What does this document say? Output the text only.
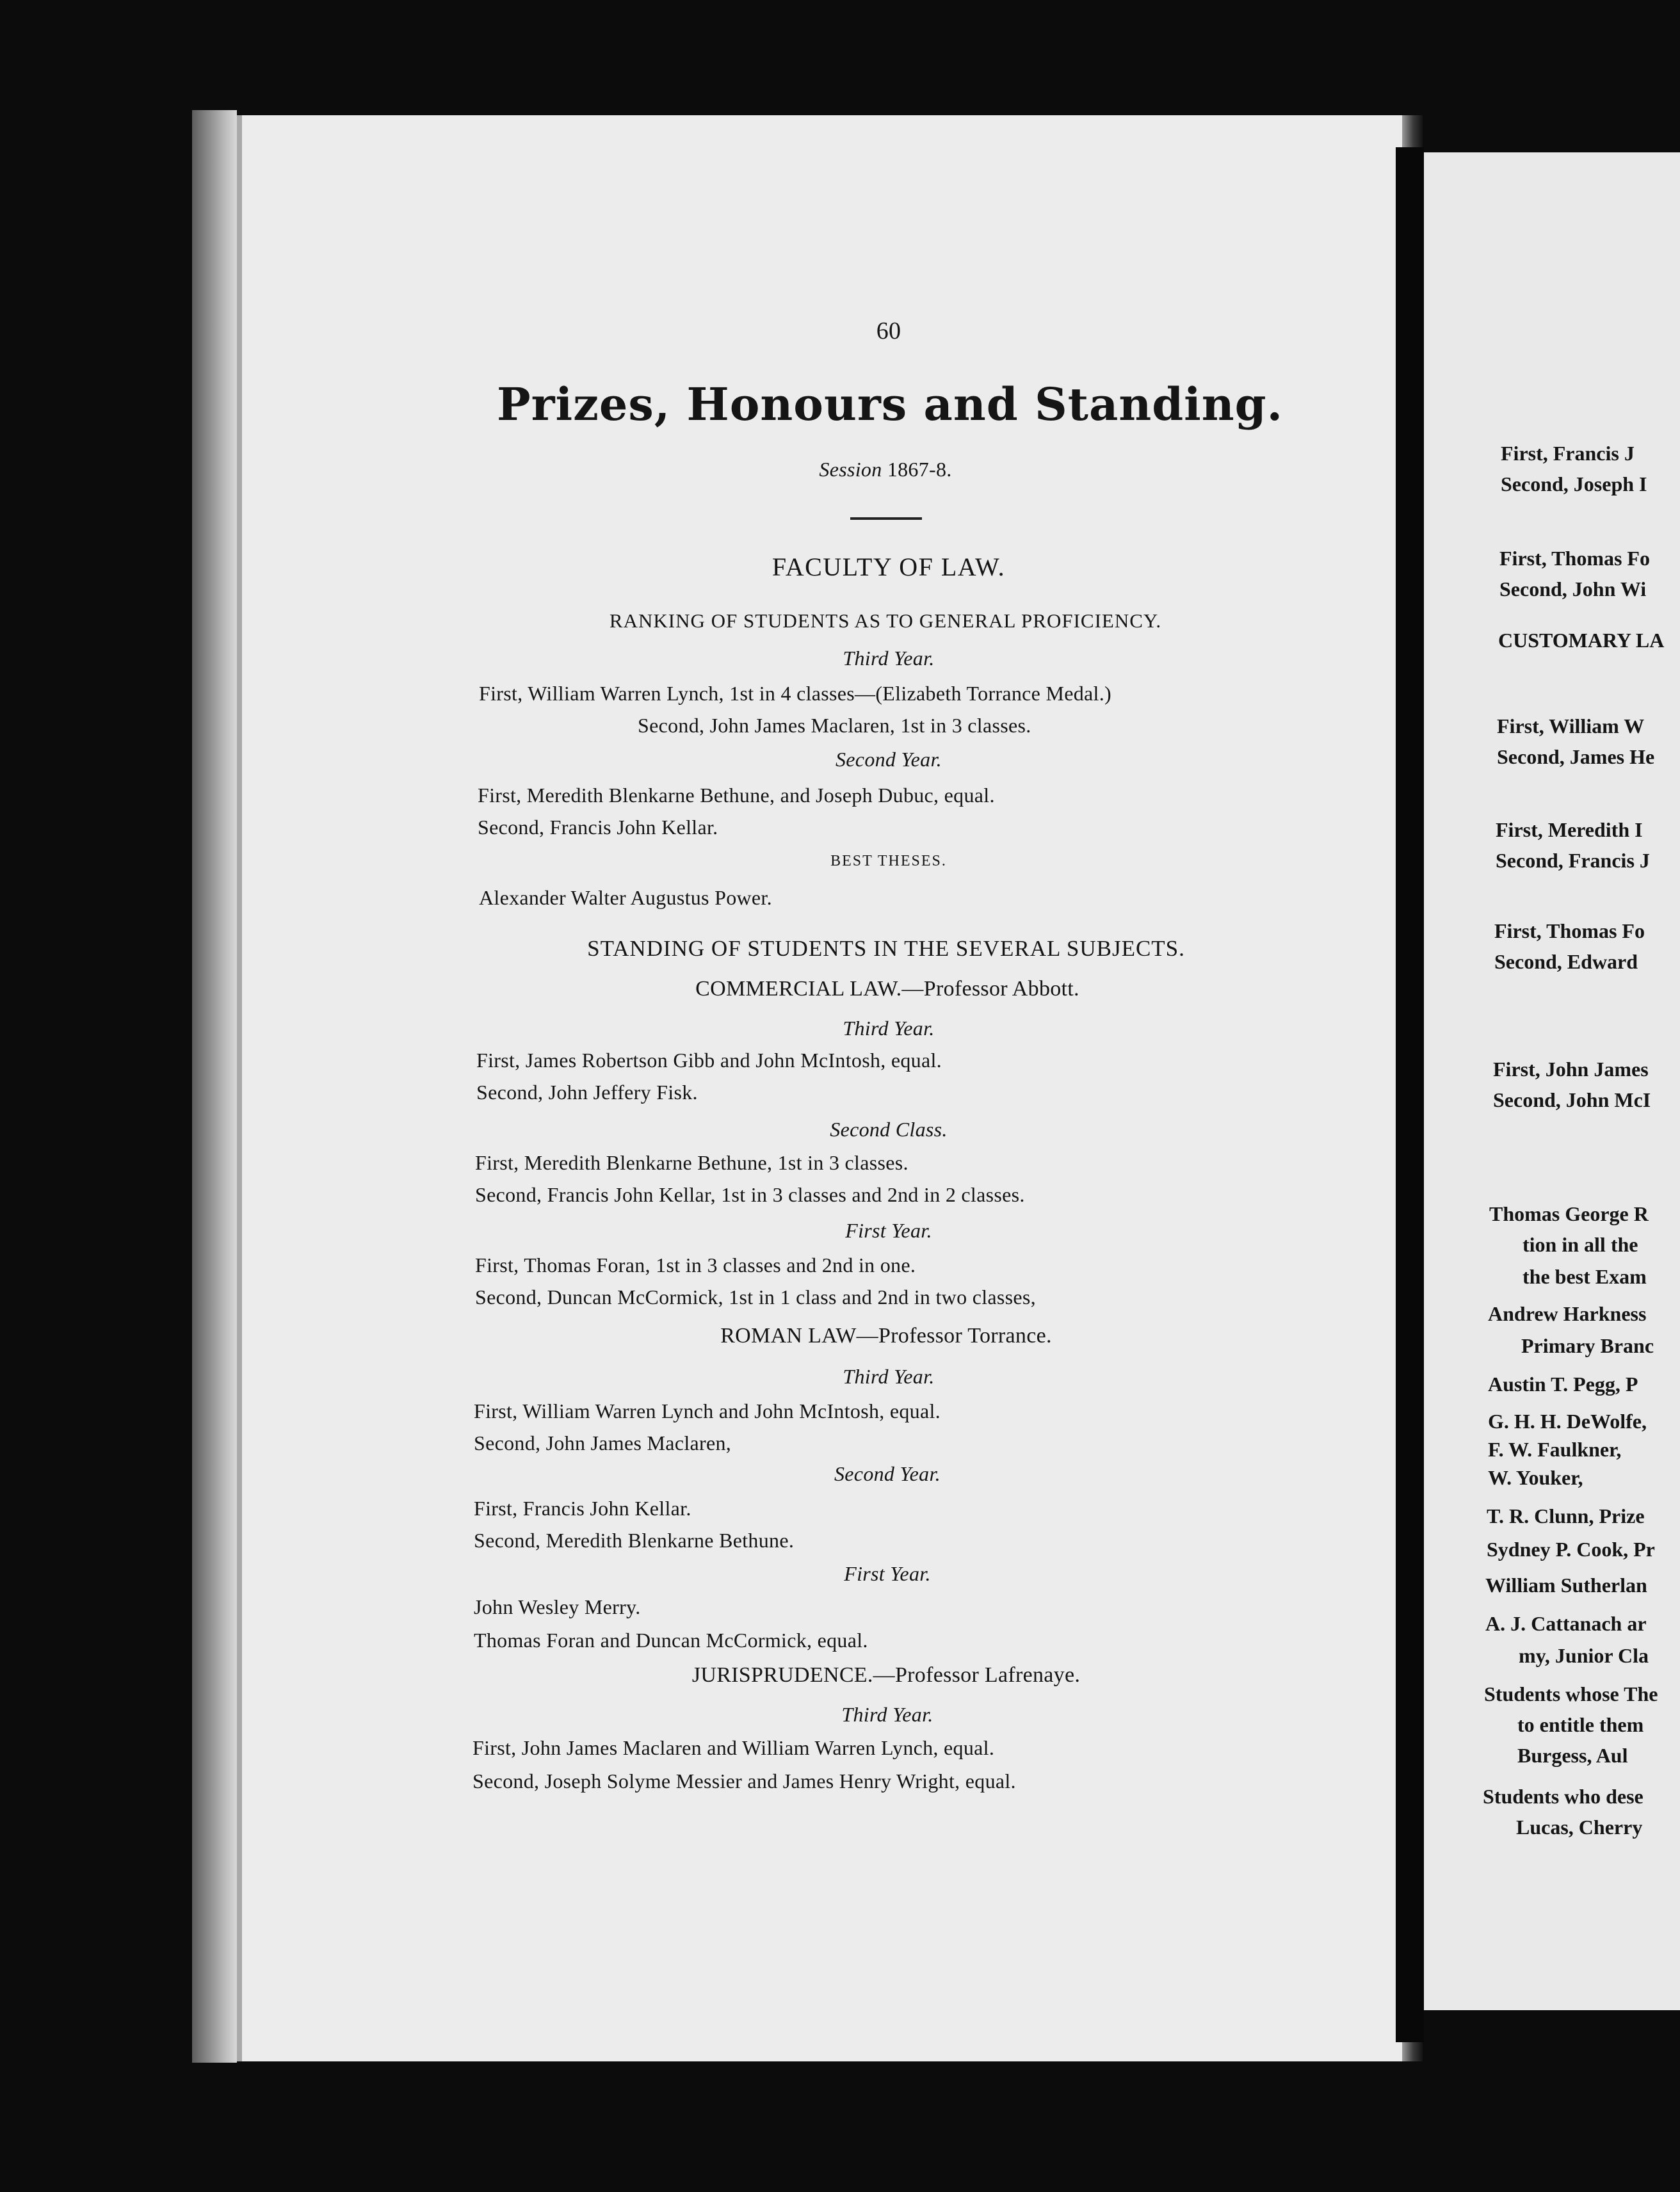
60
Prizes, Honours and Standing.
Session 1867-8.
FACULTY OF LAW.
RANKING OF STUDENTS AS TO GENERAL PROFICIENCY.
Third Year.
First, William Warren Lynch, 1st in 4 classes—(Elizabeth Torrance Medal.)
Second, John James Maclaren, 1st in 3 classes.
Second Year.
First, Meredith Blenkarne Bethune, and Joseph Dubuc, equal.
Second, Francis John Kellar.
BEST THESES.
Alexander Walter Augustus Power.
STANDING OF STUDENTS IN THE SEVERAL SUBJECTS.
COMMERCIAL LAW.—Professor Abbott.
Third Year.
First, James Robertson Gibb and John McIntosh, equal.
Second, John Jeffery Fisk.
Second Class.
First, Meredith Blenkarne Bethune, 1st in 3 classes.
Second, Francis John Kellar, 1st in 3 classes and 2nd in 2 classes.
First Year.
First, Thomas Foran, 1st in 3 classes and 2nd in one.
Second, Duncan McCormick, 1st in 1 class and 2nd in two classes,
ROMAN LAW—Professor Torrance.
Third Year.
First, William Warren Lynch and John McIntosh, equal.
Second, John James Maclaren,
Second Year.
First, Francis John Kellar.
Second, Meredith Blenkarne Bethune.
First Year.
John Wesley Merry.
Thomas Foran and Duncan McCormick, equal.
JURISPRUDENCE.—Professor Lafrenaye.
Third Year.
First, John James Maclaren and William Warren Lynch, equal.
Second, Joseph Solyme Messier and James Henry Wright, equal.
First, Francis J
Second, Joseph I
First, Thomas Fo
Second, John Wi
CUSTOMARY LA
First, William W
Second, James He
First, Meredith I
Second, Francis J
First, Thomas Fo
Second, Edward
First, John James
Second, John McI
Thomas George R
tion in all the
the best Exam
Andrew Harkness
Primary Branc
Austin T. Pegg, P
G. H. H. DeWolfe,
F. W. Faulkner,
W. Youker,
T. R. Clunn, Prize
Sydney P. Cook, Pr
William Sutherlan
A. J. Cattanach ar
my, Junior Cla
Students whose The
to entitle them
Burgess, Aul
Students who dese
Lucas, Cherry
